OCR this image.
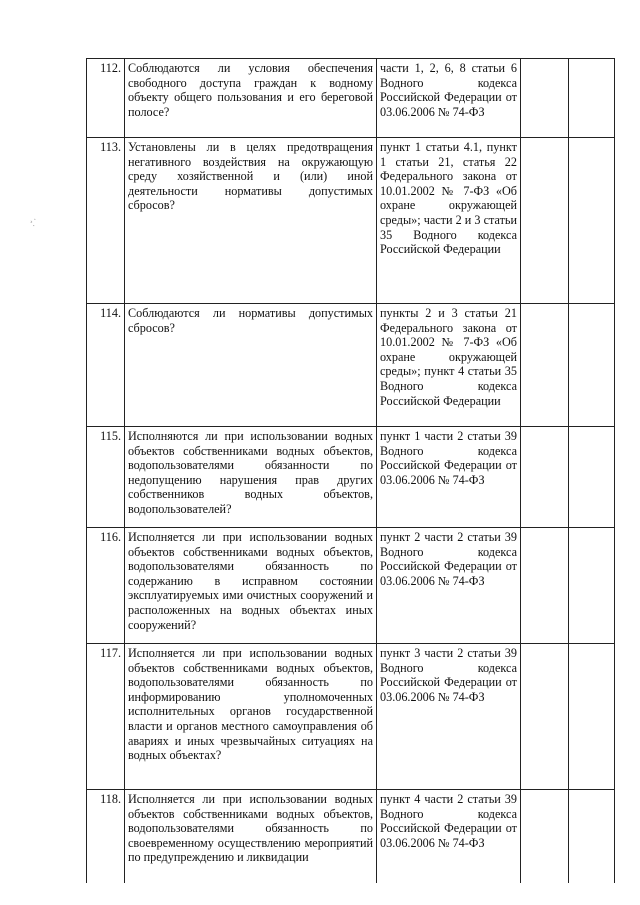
·ˇ·
112.	Соблюдаются ли условия обеспечения свободного доступа граждан к водному объекту общего пользования и его береговой полосе?	части 1, 2, 6, 8 статьи 6 Водного кодекса Российской Федерации от 03.06.2006 № 74-ФЗ		
113.	Установлены ли в целях предотвращения негативного воздействия на окружающую среду хозяйственной и (или) иной деятельности нормативы допустимых сбросов?	пункт 1 статьи 4.1, пункт 1 статьи 21, статья 22 Федерального закона от 10.01.2002 № 7-ФЗ «Об охране окружающей среды»; части 2 и 3 статьи 35 Водного кодекса Российской Федерации		
114.	Соблюдаются ли нормативы допустимых сбросов?	пункты 2 и 3 статьи 21 Федерального закона от 10.01.2002 № 7-ФЗ «Об охране окружающей среды»; пункт 4 статьи 35 Водного кодекса Российской Федерации		
115.	Исполняются ли при использовании водных объектов собственниками водных объектов, водопользователями обязанности по недопущению нарушения прав других собственников водных объектов, водопользователей?	пункт 1 части 2 статьи 39 Водного кодекса Российской Федерации от 03.06.2006 № 74-ФЗ		
116.	Исполняется ли при использовании водных объектов собственниками водных объектов, водопользователями обязанность по содержанию в исправном состоянии эксплуатируемых ими очистных сооружений и расположенных на водных объектах иных сооружений?	пункт 2 части 2 статьи 39 Водного кодекса Российской Федерации от 03.06.2006 № 74-ФЗ		
117.	Исполняется ли при использовании водных объектов собственниками водных объектов, водопользователями обязанность по информированию уполномоченных исполнительных органов государственной власти и органов местного самоуправления об авариях и иных чрезвычайных ситуациях на водных объектах?	пункт 3 части 2 статьи 39 Водного кодекса Российской Федерации от 03.06.2006 № 74-ФЗ		
118.	Исполняется ли при использовании водных объектов собственниками водных объектов, водопользователями обязанность по своевременному осуществлению мероприятий по предупреждению и ликвидации	пункт 4 части 2 статьи 39 Водного кодекса Российской Федерации от 03.06.2006 № 74-ФЗ		
